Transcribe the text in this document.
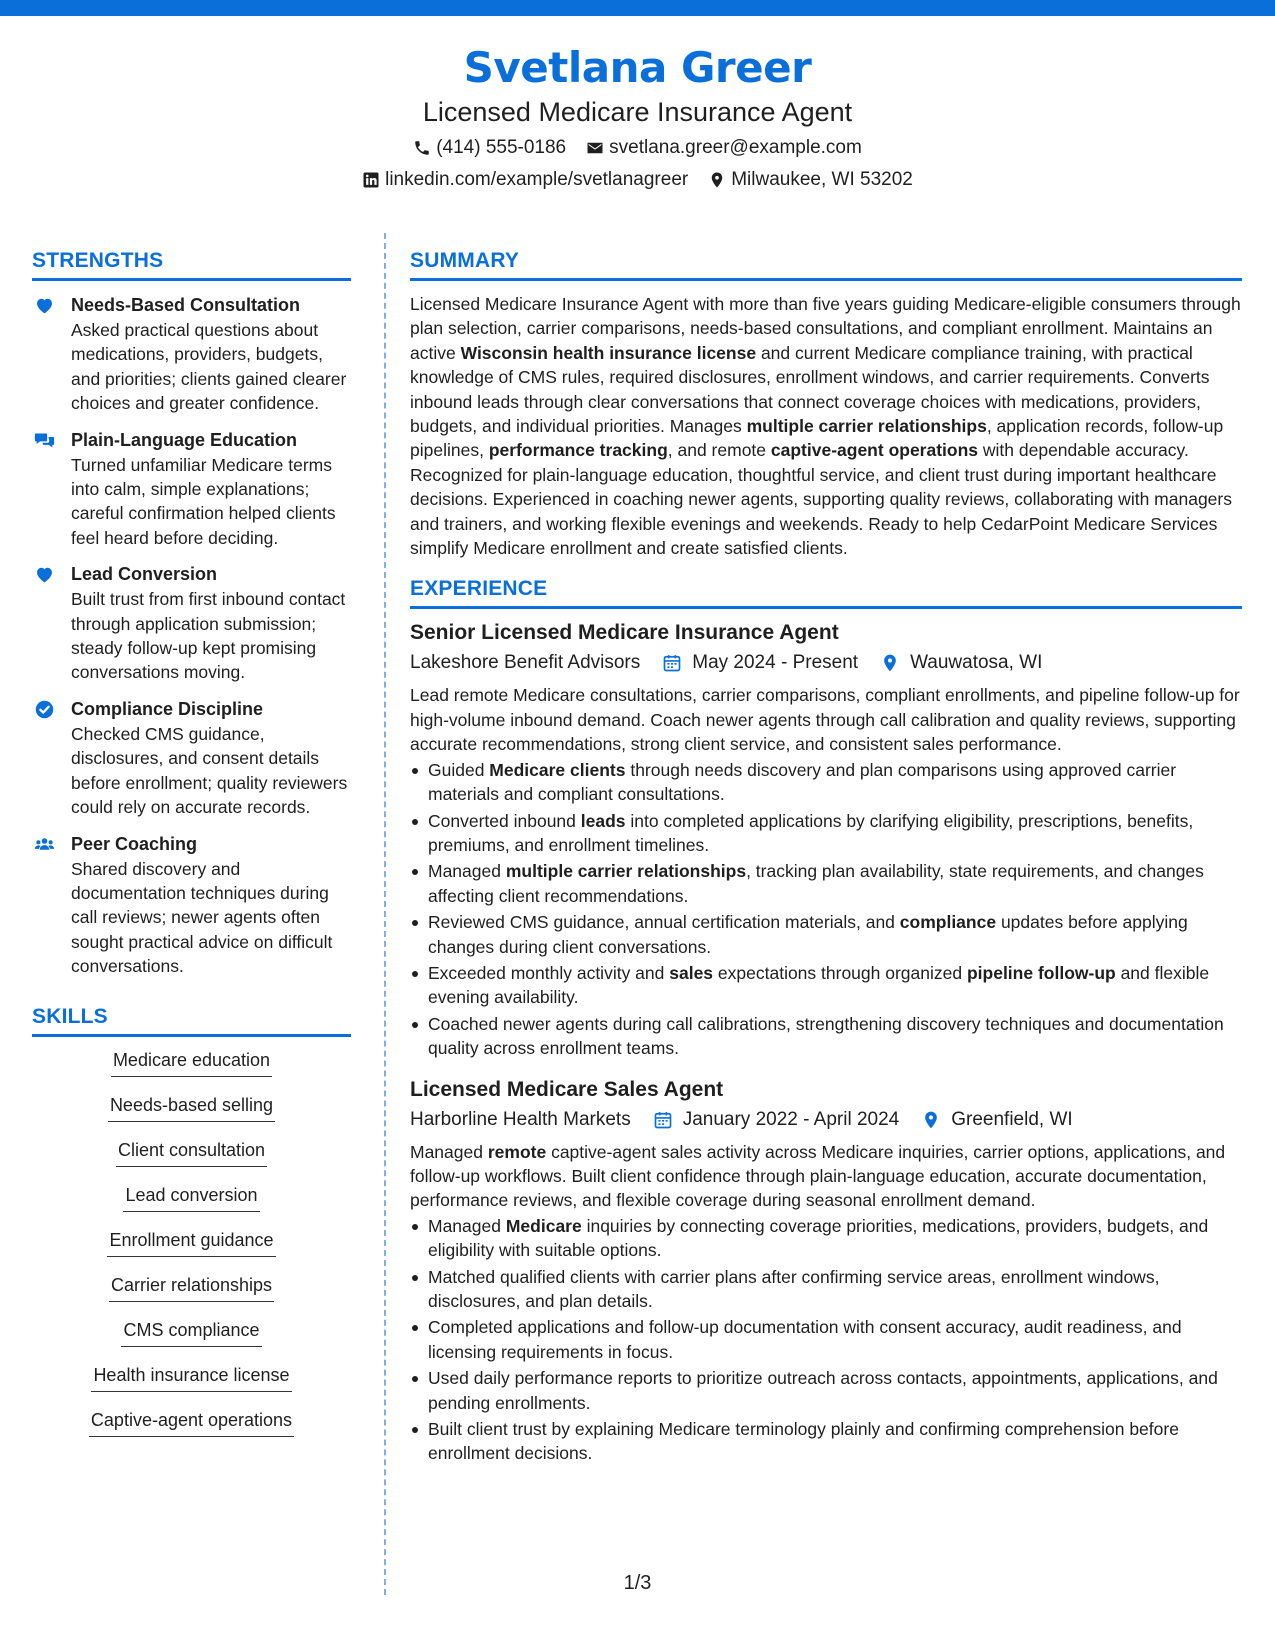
Svetlana Greer
Licensed Medicare Insurance Agent
(414) 555-0186 svetlana.greer@example.com
linkedin.com/example/svetlanagreer Milwaukee, WI 53202
STRENGTHS
Needs-Based Consultation
Asked practical questions about medications, providers, budgets, and priorities; clients gained clearer choices and greater confidence.
Plain-Language Education
Turned unfamiliar Medicare terms into calm, simple explanations; careful confirmation helped clients feel heard before deciding.
Lead Conversion
Built trust from first inbound contact through application submission; steady follow-up kept promising conversations moving.
Compliance Discipline
Checked CMS guidance, disclosures, and consent details before enrollment; quality reviewers could rely on accurate records.
Peer Coaching
Shared discovery and documentation techniques during call reviews; newer agents often sought practical advice on difficult conversations.
SKILLS
Medicare education
Needs-based selling
Client consultation
Lead conversion
Enrollment guidance
Carrier relationships
CMS compliance
Health insurance license
Captive-agent operations
SUMMARY
Licensed Medicare Insurance Agent with more than five years guiding Medicare-eligible consumers through plan selection, carrier comparisons, needs-based consultations, and compliant enrollment. Maintains an active Wisconsin health insurance license and current Medicare compliance training, with practical knowledge of CMS rules, required disclosures, enrollment windows, and carrier requirements. Converts inbound leads through clear conversations that connect coverage choices with medications, providers, budgets, and individual priorities. Manages multiple carrier relationships, application records, follow-up pipelines, performance tracking, and remote captive-agent operations with dependable accuracy. Recognized for plain-language education, thoughtful service, and client trust during important healthcare decisions. Experienced in coaching newer agents, supporting quality reviews, collaborating with managers and trainers, and working flexible evenings and weekends. Ready to help CedarPoint Medicare Services simplify Medicare enrollment and create satisfied clients.
EXPERIENCE
Senior Licensed Medicare Insurance Agent
Lakeshore Benefit Advisors	May 2024 - Present	Wauwatosa, WI
Lead remote Medicare consultations, carrier comparisons, compliant enrollments, and pipeline follow-up for high-volume inbound demand. Coach newer agents through call calibration and quality reviews, supporting accurate recommendations, strong client service, and consistent sales performance.
Guided Medicare clients through needs discovery and plan comparisons using approved carrier materials and compliant consultations.
Converted inbound leads into completed applications by clarifying eligibility, prescriptions, benefits, premiums, and enrollment timelines.
Managed multiple carrier relationships, tracking plan availability, state requirements, and changes affecting client recommendations.
Reviewed CMS guidance, annual certification materials, and compliance updates before applying changes during client conversations.
Exceeded monthly activity and sales expectations through organized pipeline follow-up and flexible evening availability.
Coached newer agents during call calibrations, strengthening discovery techniques and documentation quality across enrollment teams.
Licensed Medicare Sales Agent
Harborline Health Markets	January 2022 - April 2024	Greenfield, WI
Managed remote captive-agent sales activity across Medicare inquiries, carrier options, applications, and follow-up workflows. Built client confidence through plain-language education, accurate documentation, performance reviews, and flexible coverage during seasonal enrollment demand.
Managed Medicare inquiries by connecting coverage priorities, medications, providers, budgets, and eligibility with suitable options.
Matched qualified clients with carrier plans after confirming service areas, enrollment windows, disclosures, and plan details.
Completed applications and follow-up documentation with consent accuracy, audit readiness, and licensing requirements in focus.
Used daily performance reports to prioritize outreach across contacts, appointments, applications, and pending enrollments.
Built client trust by explaining Medicare terminology plainly and confirming comprehension before enrollment decisions.
1/3
